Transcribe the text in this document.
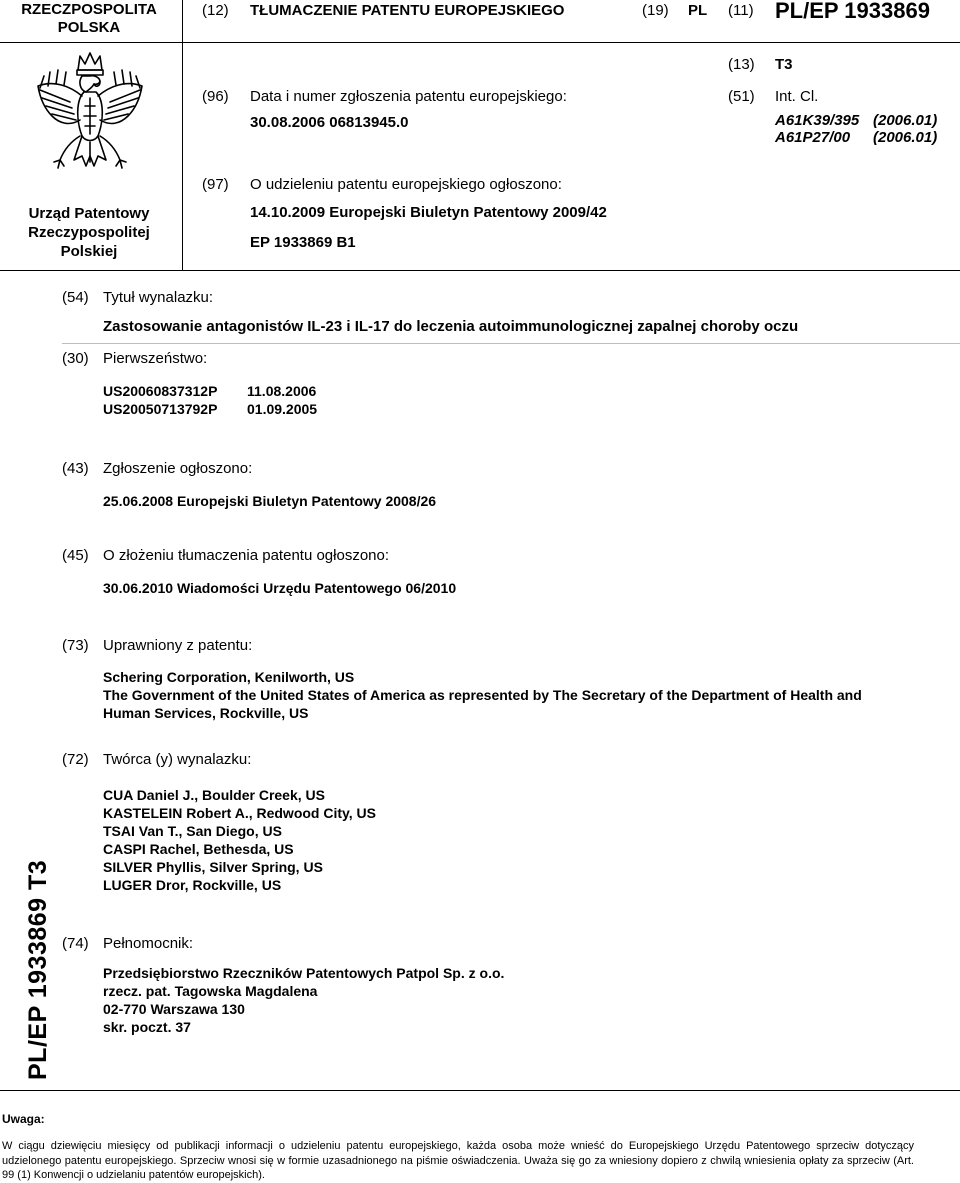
RZECZPOSPOLITA
POLSKA
(12) TŁUMACZENIE PATENTU EUROPEJSKIEGO	(19) PL (11) PL/EP 1933869
(13) T3
Urząd Patentowy
Rzeczypospolitej
Polskiej
(96) Data i numer zgłoszenia patentu europejskiego:
30.08.2006 06813945.0
(51) Int. Cl.
A61K39/395 (2006.01)
A61P27/00 (2006.01)
(97) O udzieleniu patentu europejskiego ogłoszono:
14.10.2009 Europejski Biuletyn Patentowy 2009/42
EP 1933869 B1
(54) Tytuł wynalazku:
Zastosowanie antagonistów IL-23 i IL-17 do leczenia autoimmunologicznej zapalnej choroby oczu
(30) Pierwszeństwo:
US20060837312P 11.08.2006
US20050713792P 01.09.2005
(43) Zgłoszenie ogłoszono:
25.06.2008 Europejski Biuletyn Patentowy 2008/26
(45) O złożeniu tłumaczenia patentu ogłoszono:
30.06.2010 Wiadomości Urzędu Patentowego 06/2010
(73) Uprawniony z patentu:
Schering Corporation, Kenilworth, US
The Government of the United States of America as represented by The Secretary of the Department of Health and
Human Services, Rockville, US
(72) Twórca (y) wynalazku:
CUA Daniel J., Boulder Creek, US
KASTELEIN Robert A., Redwood City, US
TSAI Van T., San Diego, US
CASPI Rachel, Bethesda, US
SILVER Phyllis, Silver Spring, US
LUGER Dror, Rockville, US
(74) Pełnomocnik:
Przedsiębiorstwo Rzeczników Patentowych Patpol Sp. z o.o.
rzecz. pat. Tagowska Magdalena
02-770 Warszawa 130
skr. poczt. 37
PL/EP 1933869 T3
Uwaga:
W ciągu dziewięciu miesięcy od publikacji informacji o udzieleniu patentu europejskiego, każda osoba może wnieść do Europejskiego Urzędu Patentowego sprzeciw dotyczący udzielonego patentu europejskiego. Sprzeciw wnosi się w formie uzasadnionego na piśmie oświadczenia. Uważa się go za wniesiony dopiero z chwilą wniesienia opłaty za sprzeciw (Art. 99 (1) Konwencji o udzielaniu patentów europejskich).
